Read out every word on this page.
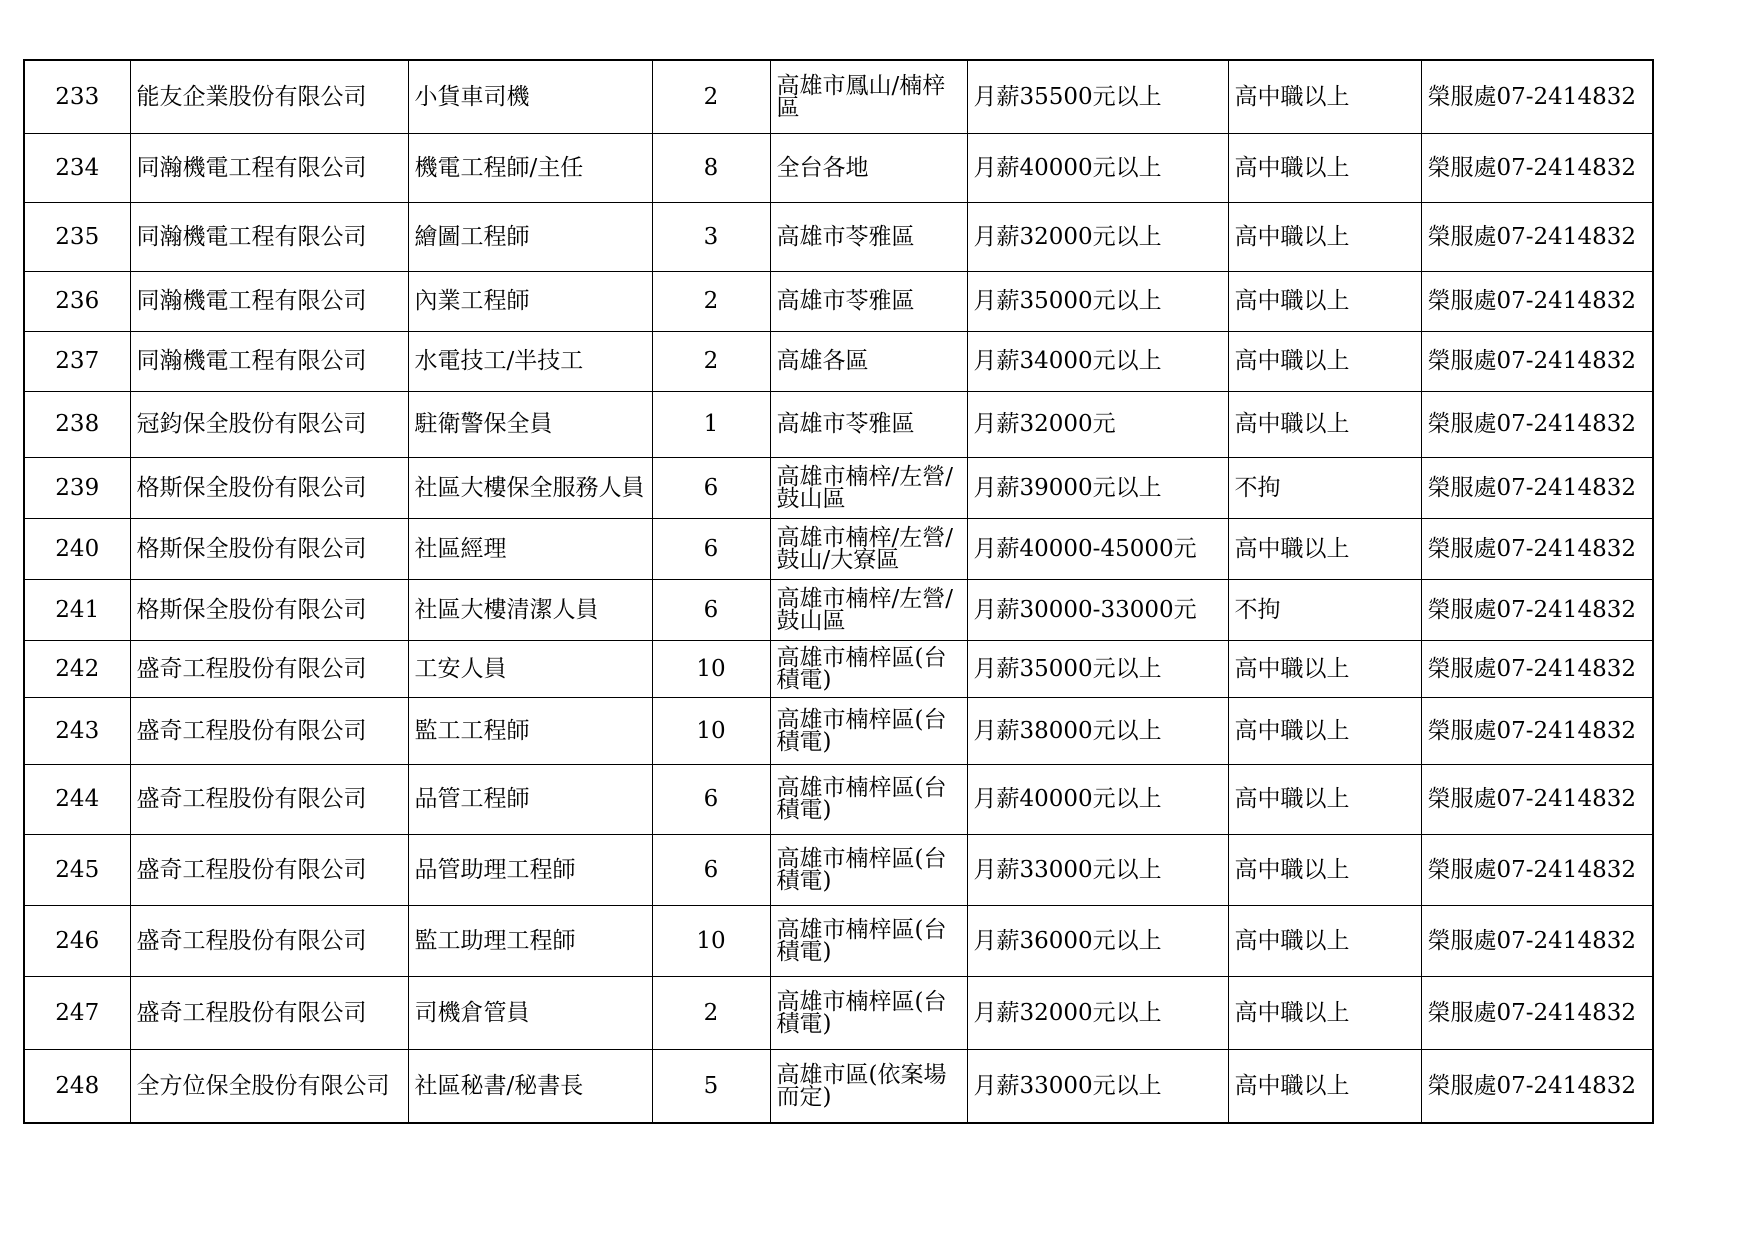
233	能友企業股份有限公司	小貨車司機	2	高雄市鳳山/楠梓區	月薪35500元以上	高中職以上	榮服處07-2414832
234	同瀚機電工程有限公司	機電工程師/主任	8	全台各地	月薪40000元以上	高中職以上	榮服處07-2414832
235	同瀚機電工程有限公司	繪圖工程師	3	高雄市苓雅區	月薪32000元以上	高中職以上	榮服處07-2414832
236	同瀚機電工程有限公司	內業工程師	2	高雄市苓雅區	月薪35000元以上	高中職以上	榮服處07-2414832
237	同瀚機電工程有限公司	水電技工/半技工	2	高雄各區	月薪34000元以上	高中職以上	榮服處07-2414832
238	冠鈞保全股份有限公司	駐衛警保全員	1	高雄市苓雅區	月薪32000元	高中職以上	榮服處07-2414832
239	格斯保全股份有限公司	社區大樓保全服務人員	6	高雄市楠梓/左營/鼓山區	月薪39000元以上	不拘	榮服處07-2414832
240	格斯保全股份有限公司	社區經理	6	高雄市楠梓/左營/鼓山/大寮區	月薪40000-45000元	高中職以上	榮服處07-2414832
241	格斯保全股份有限公司	社區大樓清潔人員	6	高雄市楠梓/左營/鼓山區	月薪30000-33000元	不拘	榮服處07-2414832
242	盛奇工程股份有限公司	工安人員	10	高雄市楠梓區(台積電)	月薪35000元以上	高中職以上	榮服處07-2414832
243	盛奇工程股份有限公司	監工工程師	10	高雄市楠梓區(台積電)	月薪38000元以上	高中職以上	榮服處07-2414832
244	盛奇工程股份有限公司	品管工程師	6	高雄市楠梓區(台積電)	月薪40000元以上	高中職以上	榮服處07-2414832
245	盛奇工程股份有限公司	品管助理工程師	6	高雄市楠梓區(台積電)	月薪33000元以上	高中職以上	榮服處07-2414832
246	盛奇工程股份有限公司	監工助理工程師	10	高雄市楠梓區(台積電)	月薪36000元以上	高中職以上	榮服處07-2414832
247	盛奇工程股份有限公司	司機倉管員	2	高雄市楠梓區(台積電)	月薪32000元以上	高中職以上	榮服處07-2414832
248	全方位保全股份有限公司	社區秘書/秘書長	5	高雄市區(依案場而定)	月薪33000元以上	高中職以上	榮服處07-2414832
